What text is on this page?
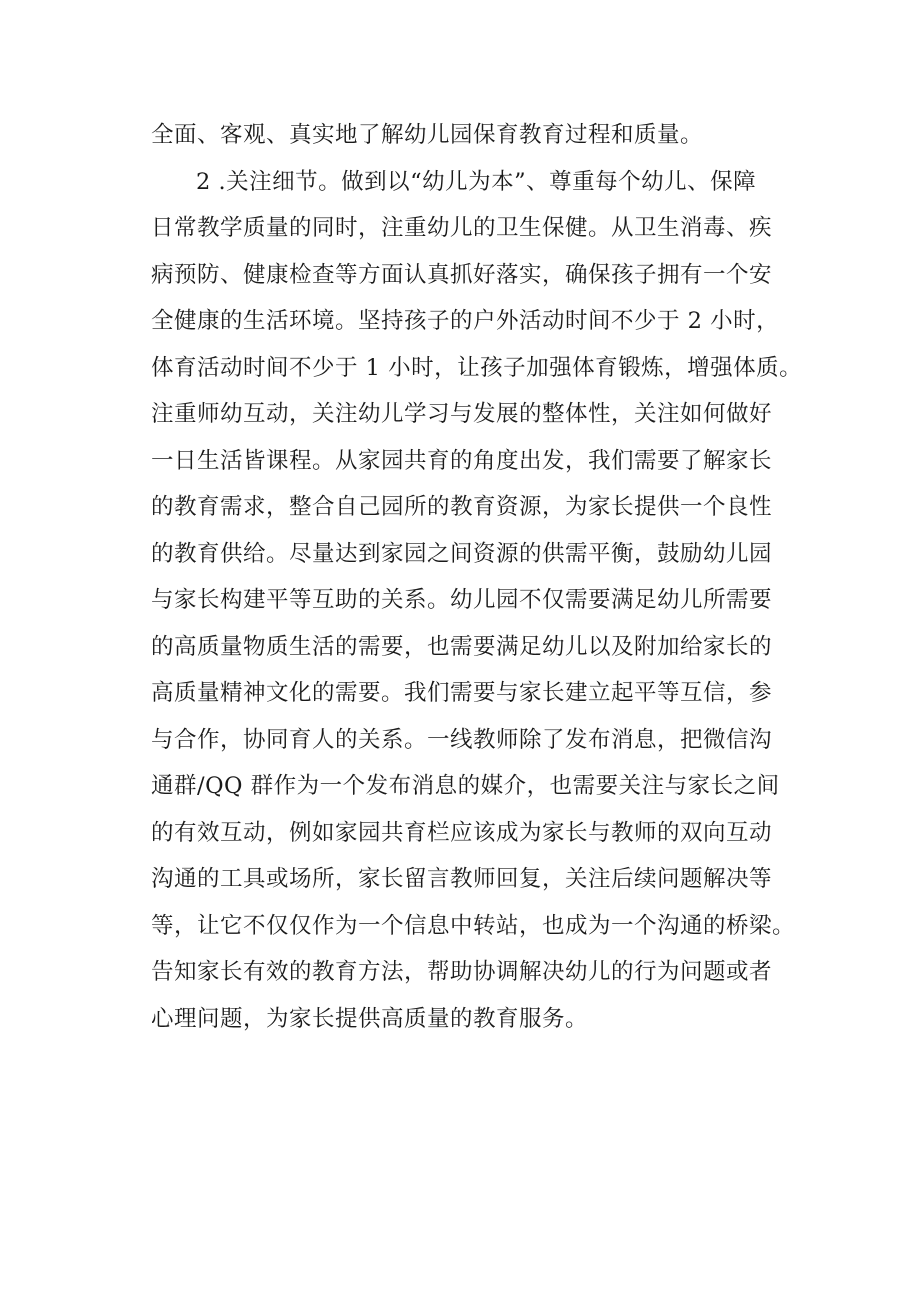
全面、客观、真实地了解幼儿园保育教育过程和质量。
2 .关注细节。做到以“幼儿为本”、尊重每个幼儿、保障
日常教学质量的同时，注重幼儿的卫生保健。从卫生消毒、疾
病预防、健康检查等方面认真抓好落实，确保孩子拥有一个安
全健康的生活环境。坚持孩子的户外活动时间不少于 2 小时，
体育活动时间不少于 1 小时，让孩子加强体育锻炼，增强体质。
注重师幼互动，关注幼儿学习与发展的整体性，关注如何做好
一日生活皆课程。从家园共育的角度出发，我们需要了解家长
的教育需求，整合自己园所的教育资源，为家长提供一个良性
的教育供给。尽量达到家园之间资源的供需平衡，鼓励幼儿园
与家长构建平等互助的关系。幼儿园不仅需要满足幼儿所需要
的高质量物质生活的需要，也需要满足幼儿以及附加给家长的
高质量精神文化的需要。我们需要与家长建立起平等互信，参
与合作，协同育人的关系。一线教师除了发布消息，把微信沟
通群/QQ 群作为一个发布消息的媒介，也需要关注与家长之间
的有效互动，例如家园共育栏应该成为家长与教师的双向互动
沟通的工具或场所，家长留言教师回复，关注后续问题解决等
等，让它不仅仅作为一个信息中转站，也成为一个沟通的桥梁。
告知家长有效的教育方法，帮助协调解决幼儿的行为问题或者
心理问题，为家长提供高质量的教育服务。
